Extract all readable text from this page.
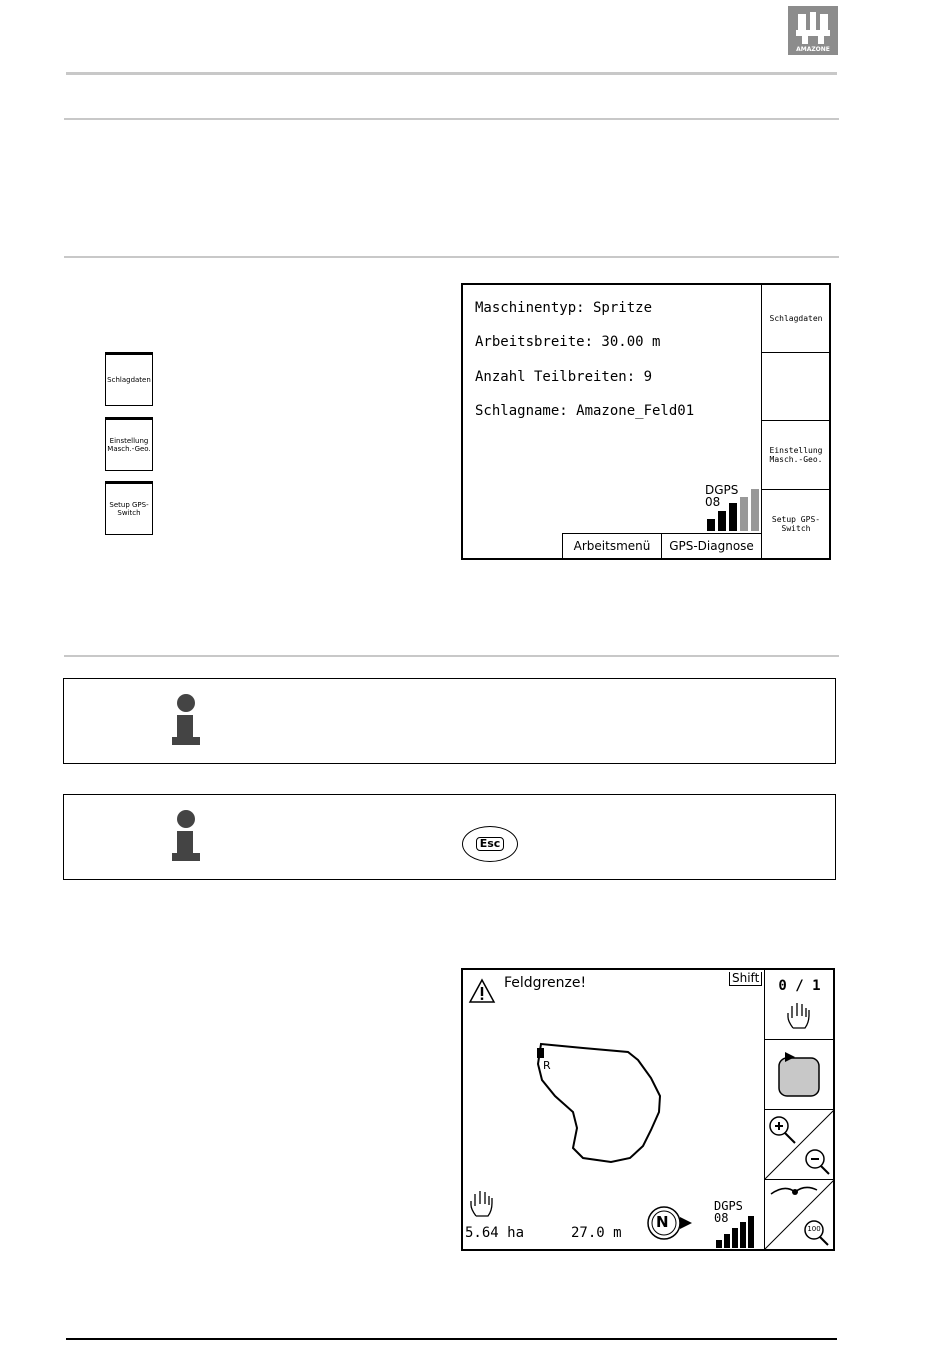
AMAZONE
Schlagdaten
Einstellung Masch.-Geo.
Setup GPS-Switch
Maschinentyp: Spritze
Arbeitsbreite: 30.00 m
Anzahl Teilbreiten: 9
Schlagname: Amazone_Feld01
Schlagdaten
Einstellung Masch.-Geo.
Setup GPS-Switch
Arbeitsmenü GPS-Diagnose
DGPS
08
Esc
Feldgrenze!	Shift	0 / 1
100
R
5.64 ha	27.0 m
N
DGPS
08
